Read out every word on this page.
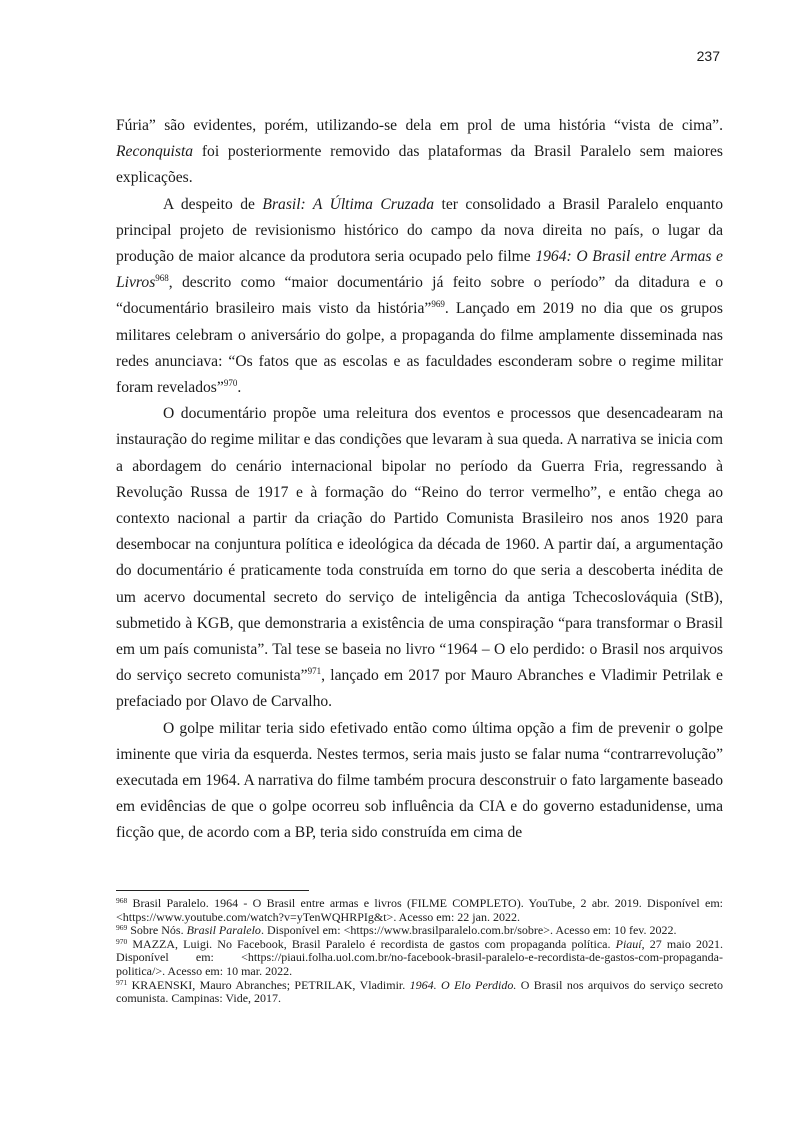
237

Fúria” são evidentes, porém, utilizando-se dela em prol de uma história “vista de cima”. Reconquista foi posteriormente removido das plataformas da Brasil Paralelo sem maiores explicações.

A despeito de Brasil: A Última Cruzada ter consolidado a Brasil Paralelo enquanto principal projeto de revisionismo histórico do campo da nova direita no país, o lugar da produção de maior alcance da produtora seria ocupado pelo filme 1964: O Brasil entre Armas e Livros$^{968}$, descrito como “maior documentário já feito sobre o período” da ditadura e o “documentário brasileiro mais visto da história”$^{969}$. Lançado em 2019 no dia que os grupos militares celebram o aniversário do golpe, a propaganda do filme amplamente disseminada nas redes anunciava: “Os fatos que as escolas e as faculdades esconderam sobre o regime militar foram revelados”$^{970}$.

O documentário propõe uma releitura dos eventos e processos que desencadearam na instauração do regime militar e das condições que levaram à sua queda. A narrativa se inicia com a abordagem do cenário internacional bipolar no período da Guerra Fria, regressando à Revolução Russa de 1917 e à formação do “Reino do terror vermelho”, e então chega ao contexto nacional a partir da criação do Partido Comunista Brasileiro nos anos 1920 para desembocar na conjuntura política e ideológica da década de 1960. A partir daí, a argumentação do documentário é praticamente toda construída em torno do que seria a descoberta inédita de um acervo documental secreto do serviço de inteligência da antiga Tchecoslováquia (StB), submetido à KGB, que demonstraria a existência de uma conspiração “para transformar o Brasil em um país comunista”. Tal tese se baseia no livro “1964 – O elo perdido: o Brasil nos arquivos do serviço secreto comunista”$^{971}$, lançado em 2017 por Mauro Abranches e Vladimir Petrilak e prefaciado por Olavo de Carvalho.

O golpe militar teria sido efetivado então como última opção a fim de prevenir o golpe iminente que viria da esquerda. Nestes termos, seria mais justo se falar numa “contrarrevolução” executada em 1964. A narrativa do filme também procura desconstruir o fato largamente baseado em evidências de que o golpe ocorreu sob influência da CIA e do governo estadunidense, uma ficção que, de acordo com a BP, teria sido construída em cima de

$^{968}$ Brasil Paralelo. 1964 - O Brasil entre armas e livros (FILME COMPLETO). YouTube, 2 abr. 2019. Disponível em: <https://www.youtube.com/watch?v=yTenWQHRPIg&t>. Acesso em: 22 jan. 2022.

$^{969}$ Sobre Nós. Brasil Paralelo. Disponível em: <https://www.brasilparalelo.com.br/sobre>. Acesso em: 10 fev. 2022.

$^{970}$ MAZZA, Luigi. No Facebook, Brasil Paralelo é recordista de gastos com propaganda política. Piauí, 27 maio 2021. Disponível em: <https://piaui.folha.uol.com.br/no-facebook-brasil-paralelo-e-recordista-de-gastos-com-propaganda-politica/>. Acesso em: 10 mar. 2022.

$^{971}$ KRAENSKI, Mauro Abranches; PETRILAK, Vladimir. 1964. O Elo Perdido. O Brasil nos arquivos do serviço secreto comunista. Campinas: Vide, 2017.
